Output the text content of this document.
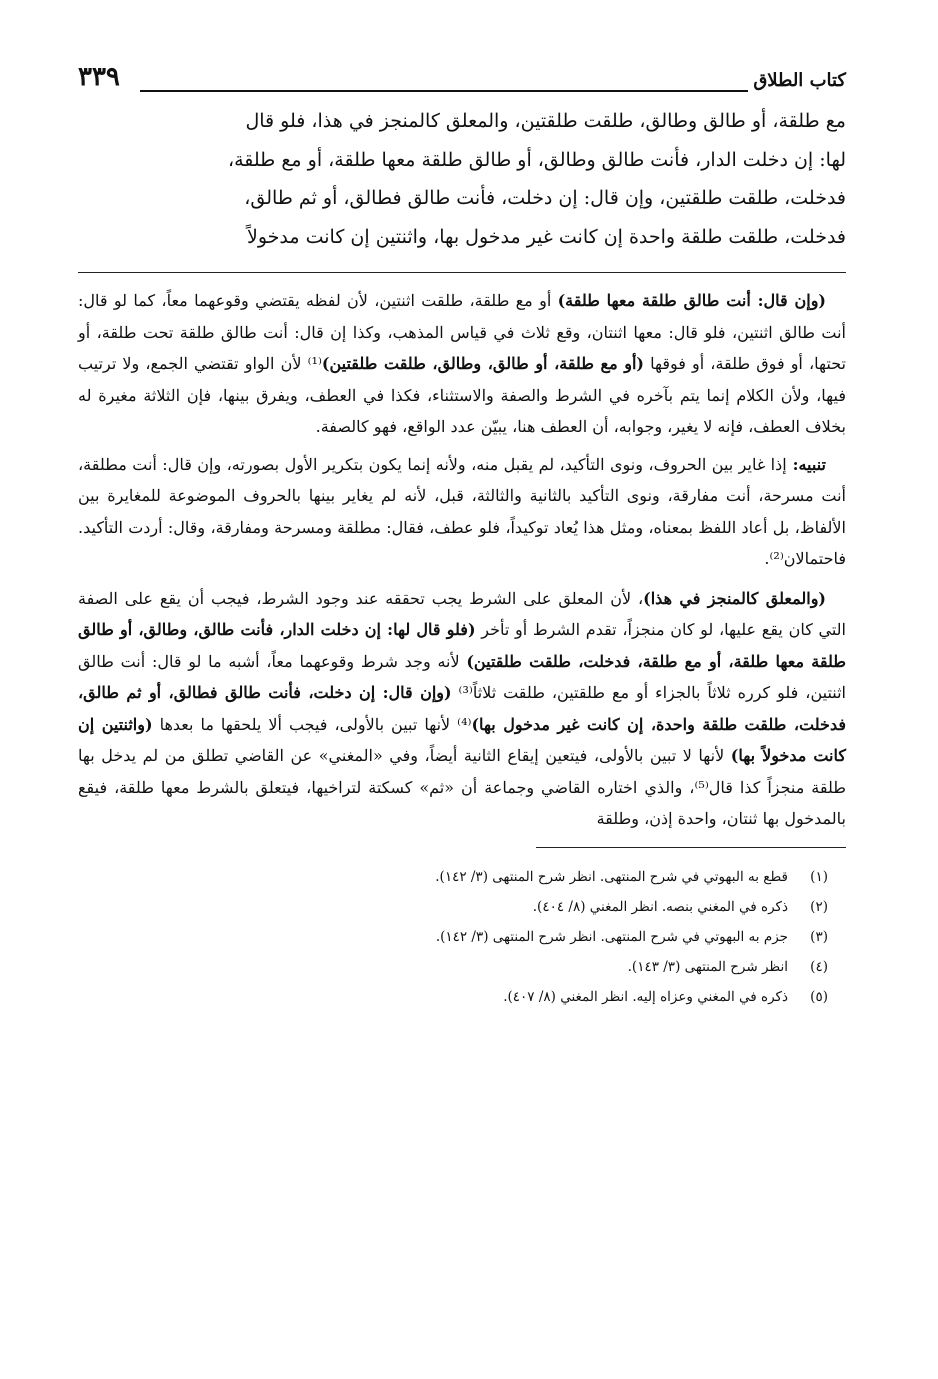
كتاب الطلاق
٣٣٩

مع طلقة، أو طالق وطالق، طلقت طلقتين، والمعلق كالمنجز في هذا، فلو قال

لها: إن دخلت الدار، فأنت طالق وطالق، أو طالق طلقة معها طلقة، أو مع طلقة،

فدخلت، طلقت طلقتين، وإن قال: إن دخلت، فأنت طالق فطالق، أو ثم طالق،

فدخلت، طلقت طلقة واحدة إن كانت غير مدخول بها، واثنتين إن كانت مدخولاً

(وإن قال: أنت طالق طلقة معها طلقة) أو مع طلقة، طلقت اثنتين، لأن لفظه يقتضي وقوعهما معاً، كما لو قال: أنت طالق اثنتين، فلو قال: معها اثنتان، وقع ثلاث في قياس المذهب، وكذا إن قال: أنت طالق طلقة تحت طلقة، أو تحتها، أو فوق طلقة، أو فوقها (أو مع طلقة، أو طالق، وطالق، طلقت طلقتين)⁽¹⁾ لأن الواو تقتضي الجمع، ولا ترتيب فيها، ولأن الكلام إنما يتم بآخره في الشرط والصفة والاستثناء، فكذا في العطف، ويفرق بينها، فإن الثلاثة مغيرة له بخلاف العطف، فإنه لا يغير، وجوابه، أن العطف هنا، يبيّن عدد الواقع، فهو كالصفة.

تنبيه: إذا غاير بين الحروف، ونوى التأكيد، لم يقبل منه، ولأنه إنما يكون بتكرير الأول بصورته، وإن قال: أنت مطلقة، أنت مسرحة، أنت مفارقة، ونوى التأكيد بالثانية والثالثة، قبل، لأنه لم يغاير بينها بالحروف الموضوعة للمغايرة بين الألفاظ، بل أعاد اللفظ بمعناه، ومثل هذا يُعاد توكيداً، فلو عطف، فقال: مطلقة ومسرحة ومفارقة، وقال: أردت التأكيد. فاحتمالان⁽²⁾.

(والمعلق كالمنجز في هذا)، لأن المعلق على الشرط يجب تحققه عند وجود الشرط، فيجب أن يقع على الصفة التي كان يقع عليها، لو كان منجزاً، تقدم الشرط أو تأخر (فلو قال لها: إن دخلت الدار، فأنت طالق، وطالق، أو طالق طلقة معها طلقة، أو مع طلقة، فدخلت، طلقت طلقتين) لأنه وجد شرط وقوعهما معاً، أشبه ما لو قال: أنت طالق اثنتين، فلو كرره ثلاثاً بالجزاء أو مع طلقتين، طلقت ثلاثاً⁽³⁾ (وإن قال: إن دخلت، فأنت طالق فطالق، أو ثم طالق، فدخلت، طلقت طلقة واحدة، إن كانت غير مدخول بها)⁽⁴⁾ لأنها تبين بالأولى، فيجب ألا يلحقها ما بعدها (واثنتين إن كانت مدخولاً بها) لأنها لا تبين بالأولى، فيتعين إيقاع الثانية أيضاً، وفي «المغني» عن القاضي تطلق من لم يدخل بها طلقة منجزاً كذا قال⁽⁵⁾، والذي اختاره القاضي وجماعة أن «ثم» كسكتة لتراخيها، فيتعلق بالشرط معها طلقة، فيقع بالمدخول بها ثنتان، واحدة إذن، وطلقة

(١)
قطع به البهوتي في شرح المنتهى. انظر شرح المنتهى (٣/ ١٤٢).
(٢)
ذكره في المغني بنصه. انظر المغني (٨/ ٤٠٤).
(٣)
جزم به البهوتي في شرح المنتهى. انظر شرح المنتهى (٣/ ١٤٢).
(٤)
انظر شرح المنتهى (٣/ ١٤٣).
(٥)
ذكره في المغني وعزاه إليه. انظر المغني (٨/ ٤٠٧).
